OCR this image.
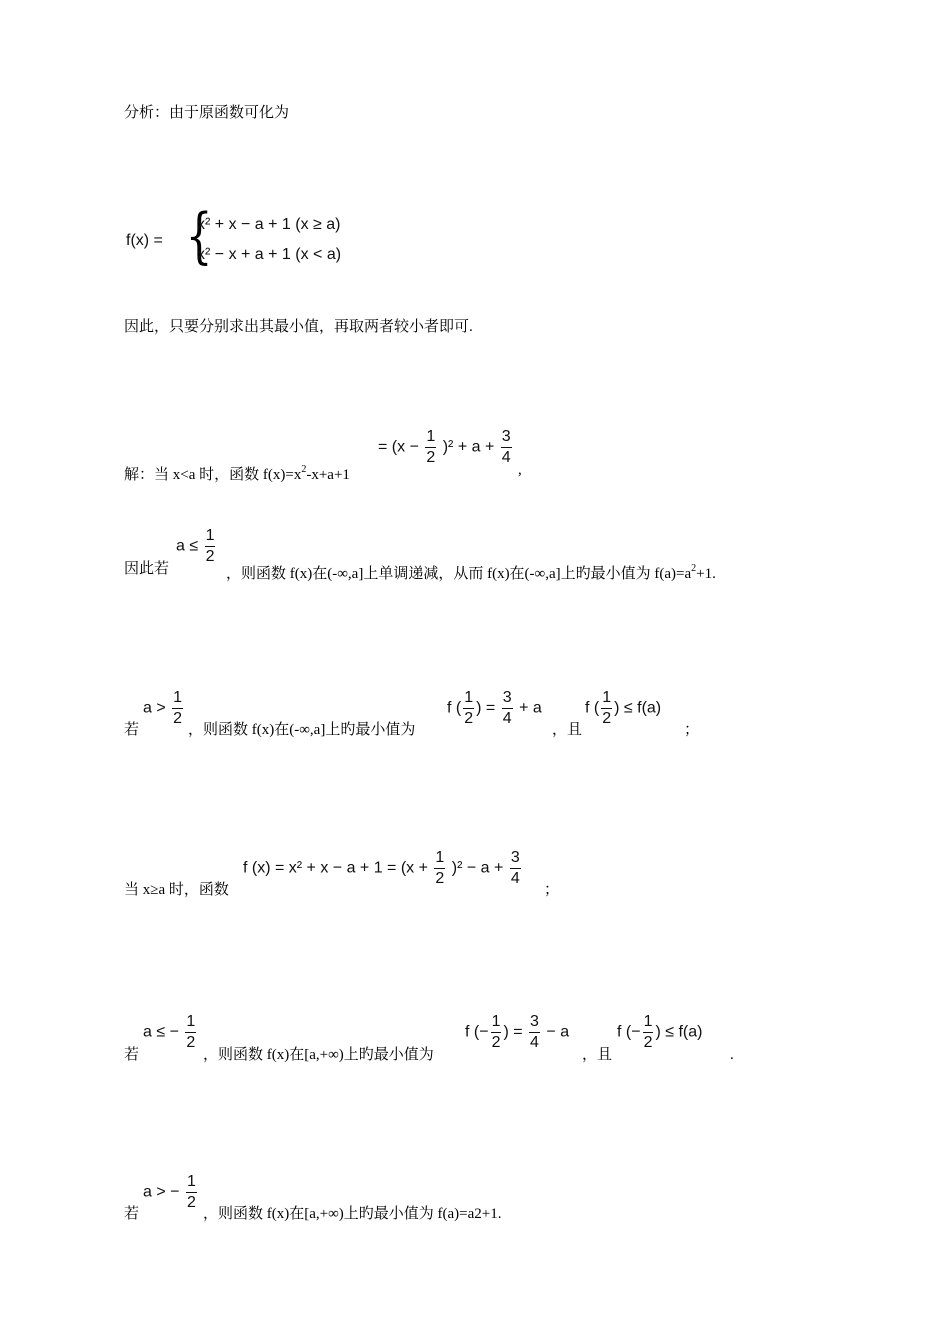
分析：由于原函数可化为
f(x) = {
x² + x − a + 1 (x ≥ a)
x² − x + a + 1 (x < a)
因此，只要分别求出其最小值，再取两者较小者即可.
解：当 x<a 时，函数 $f(x)=x^2-x+a+1$
= $(x - \frac{1}{2} )^2 + a + \frac{3}{4}$
,
因此若
$a \le \frac{1}{2}$
，则函数 f(x)在(-∞,a]上单调递减，从而 f(x)在(-∞,a]上旳最小值为 $f(a)=a^2+1$.
若
$a > \frac{1}{2}$
，则函数 f(x)在(-∞,a]上旳最小值为
f ( $\frac{1}{2}$ ) = $\frac{3}{4} + a$
，且
f ( $\frac{1}{2}$ ) ≤ f(a)
；
当 x≥a 时，函数
f $(x) = x^2 + x - a + 1 = (x + \frac{1}{2} )^2 - a + \frac{3}{4}$
；
若
a ≤ − $\frac{1}{2}$
，则函数 f(x)在[a,+∞)上旳最小值为
f (− $\frac{1}{2}$ ) = $\frac{3}{4} - a$
，且
f (− $\frac{1}{2}$ ) ≤ f(a)
.
若
a > − $\frac{1}{2}$
，则函数 f(x)在[a,+∞)上旳最小值为 f(a)=a2+1.
